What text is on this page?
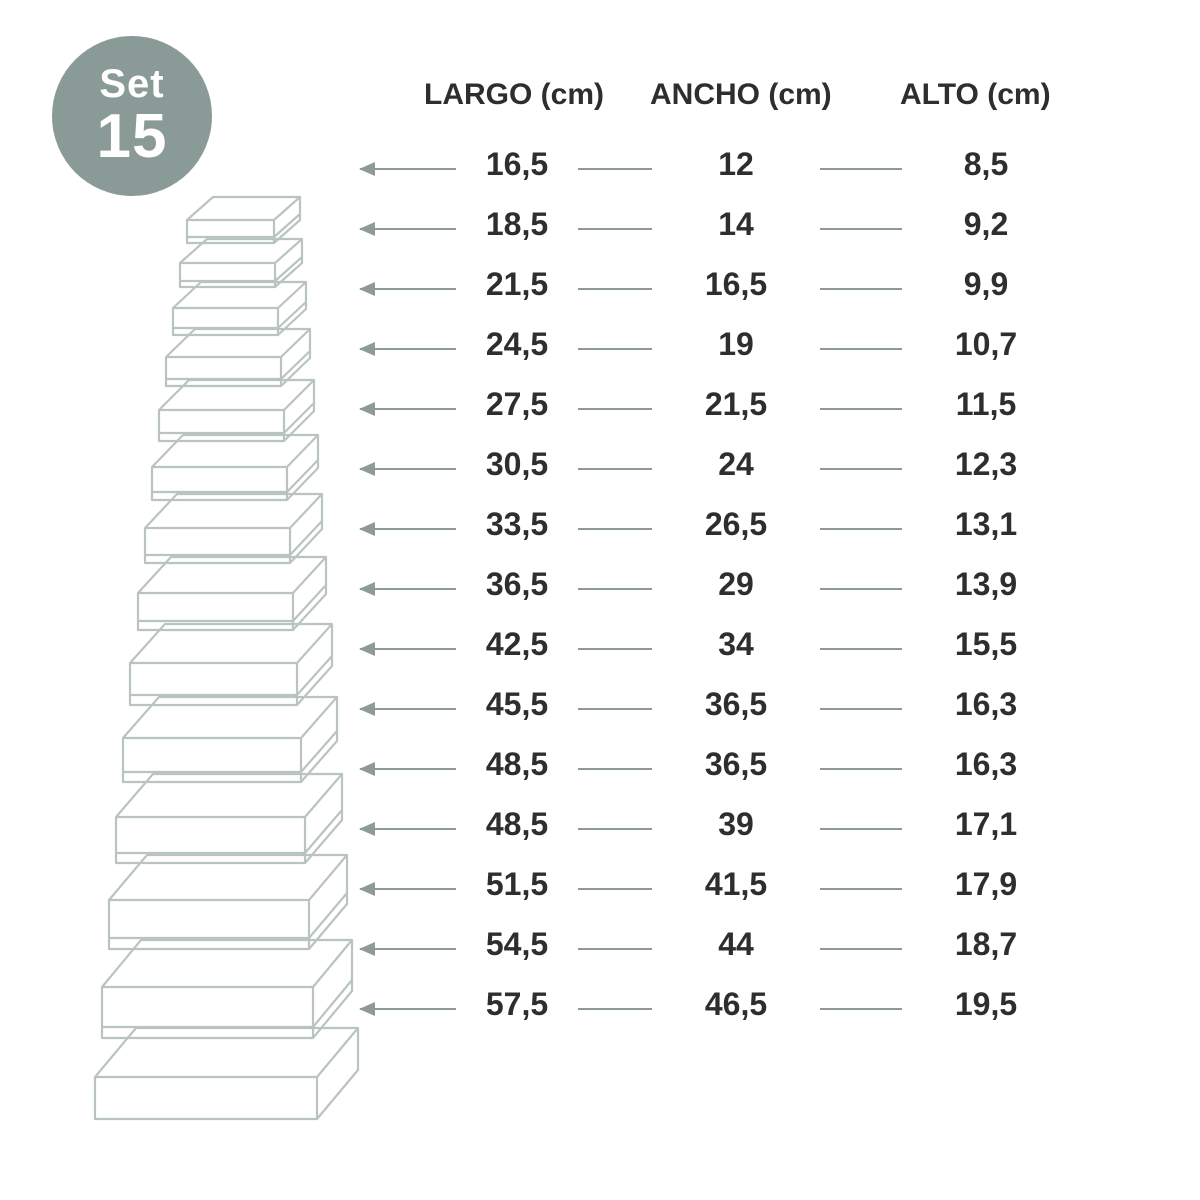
Set
15
LARGO (cm) ANCHO (cm) ALTO (cm)
16,5	12	8,5
18,5	14	9,2
21,5	16,5	9,9
24,5	19	10,7
27,5	21,5	11,5
30,5	24	12,3
33,5	26,5	13,1
36,5	29	13,9
42,5	34	15,5
45,5	36,5	16,3
48,5	36,5	16,3
48,5	39	17,1
51,5	41,5	17,9
54,5	44	18,7
57,5	46,5	19,5
